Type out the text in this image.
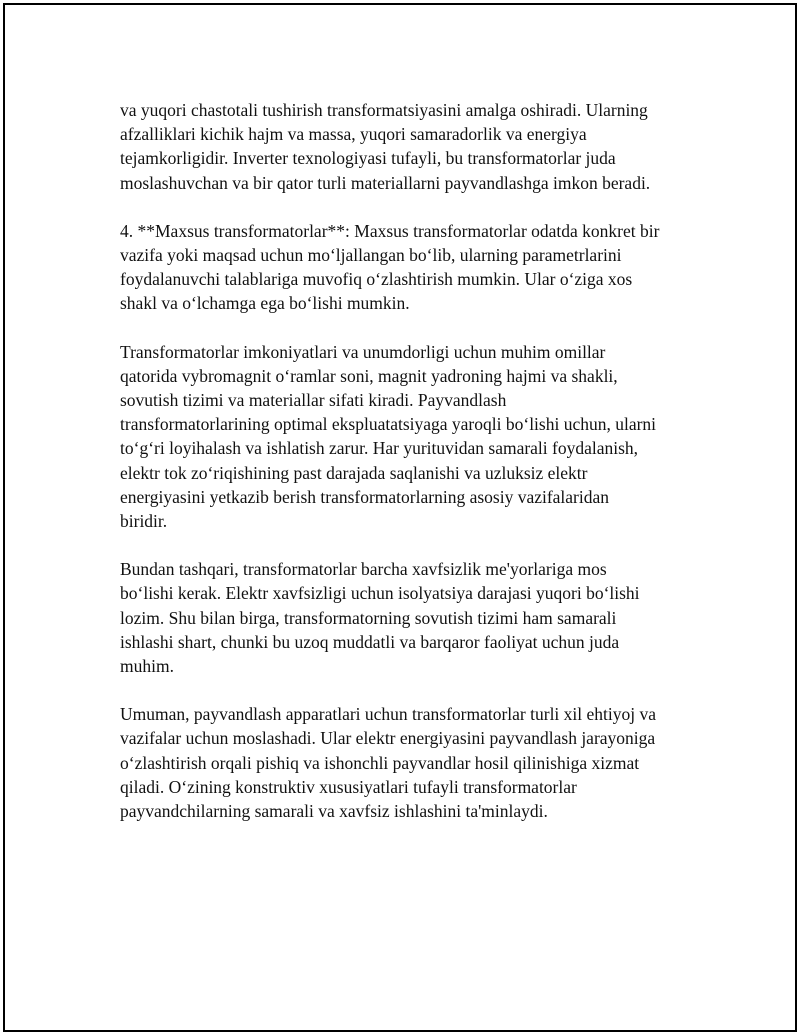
va yuqori chastotali tushirish transformatsiyasini amalga oshiradi. Ularning
afzalliklari kichik hajm va massa, yuqori samaradorlik va energiya
tejamkorligidir. Inverter texnologiyasi tufayli, bu transformatorlar juda
moslashuvchan va bir qator turli materiallarni payvandlashga imkon beradi.

4. **Maxsus transformatorlar**: Maxsus transformatorlar odatda konkret bir
vazifa yoki maqsad uchun mo‘ljallangan bo‘lib, ularning parametrlarini
foydalanuvchi talablariga muvofiq o‘zlashtirish mumkin. Ular o‘ziga xos
shakl va o‘lchamga ega bo‘lishi mumkin.

Transformatorlar imkoniyatlari va unumdorligi uchun muhim omillar
qatorida vybromagnit o‘ramlar soni, magnit yadroning hajmi va shakli,
sovutish tizimi va materiallar sifati kiradi. Payvandlash
transformatorlarining optimal ekspluatatsiyaga yaroqli bo‘lishi uchun, ularni
to‘g‘ri loyihalash va ishlatish zarur. Har yurituvidan samarali foydalanish,
elektr tok zo‘riqishining past darajada saqlanishi va uzluksiz elektr
energiyasini yetkazib berish transformatorlarning asosiy vazifalaridan
biridir.

Bundan tashqari, transformatorlar barcha xavfsizlik me'yorlariga mos
bo‘lishi kerak. Elektr xavfsizligi uchun isolyatsiya darajasi yuqori bo‘lishi
lozim. Shu bilan birga, transformatorning sovutish tizimi ham samarali
ishlashi shart, chunki bu uzoq muddatli va barqaror faoliyat uchun juda
muhim.

Umuman, payvandlash apparatlari uchun transformatorlar turli xil ehtiyoj va
vazifalar uchun moslashadi. Ular elektr energiyasini payvandlash jarayoniga
o‘zlashtirish orqali pishiq va ishonchli payvandlar hosil qilinishiga xizmat
qiladi. O‘zining konstruktiv xususiyatlari tufayli transformatorlar
payvandchilarning samarali va xavfsiz ishlashini ta'minlaydi.
